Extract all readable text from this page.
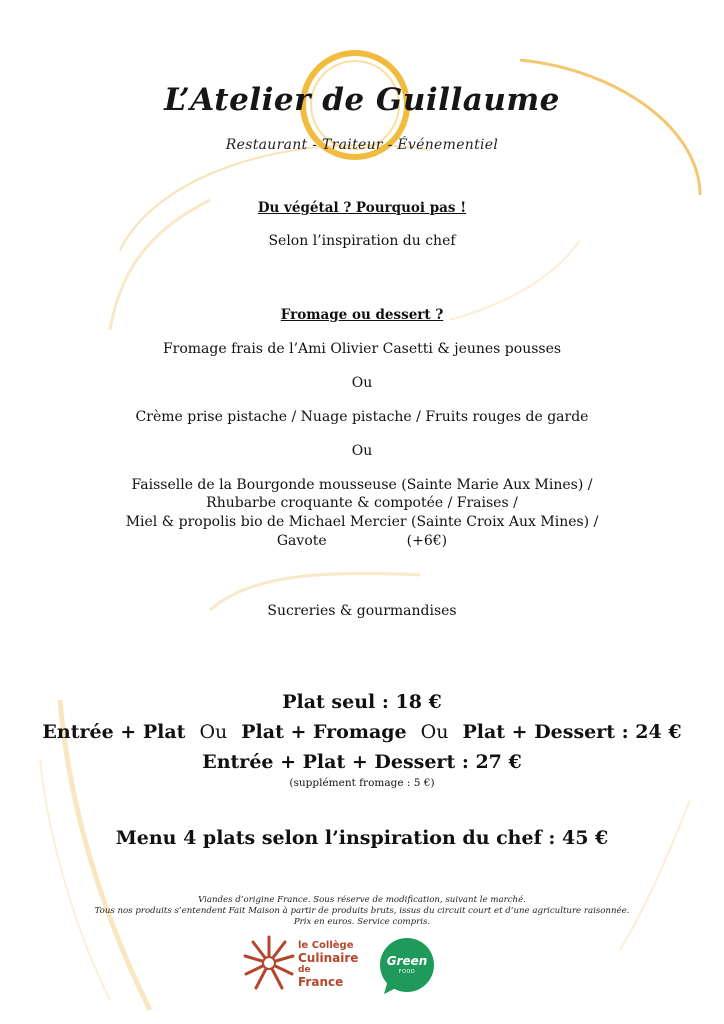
L’Atelier de Guillaume
Restaurant - Traiteur - Événementiel
Du végétal ? Pourquoi pas !
Selon l’inspiration du chef
Fromage ou dessert ?
Fromage frais de l’Ami Olivier Casetti & jeunes pousses
Ou
Crème prise pistache / Nuage pistache / Fruits rouges de garde
Ou
Faisselle de la Bourgonde mousseuse (Sainte Marie Aux Mines) /
Rhubarbe croquante & compotée / Fraises /
Miel & propolis bio de Michael Mercier (Sainte Croix Aux Mines) /
Gavote	(+6€)
Sucreries & gourmandises
Plat seul : 18 €
Entrée + Plat Ou Plat + Fromage Ou Plat + Dessert : 24 €
Entrée + Plat + Dessert : 27 €
(supplément fromage : 5 €)
Menu 4 plats selon l’inspiration du chef : 45 €
Viandes d’origine France. Sous réserve de modification, suivant le marché.
Tous nos produits s’entendent Fait Maison à partir de produits bruts, issus du circuit court et d’une agriculture raisonnée.
Prix en euros. Service compris.
le Collège
Culinaire
de
France
Green
FOOD
